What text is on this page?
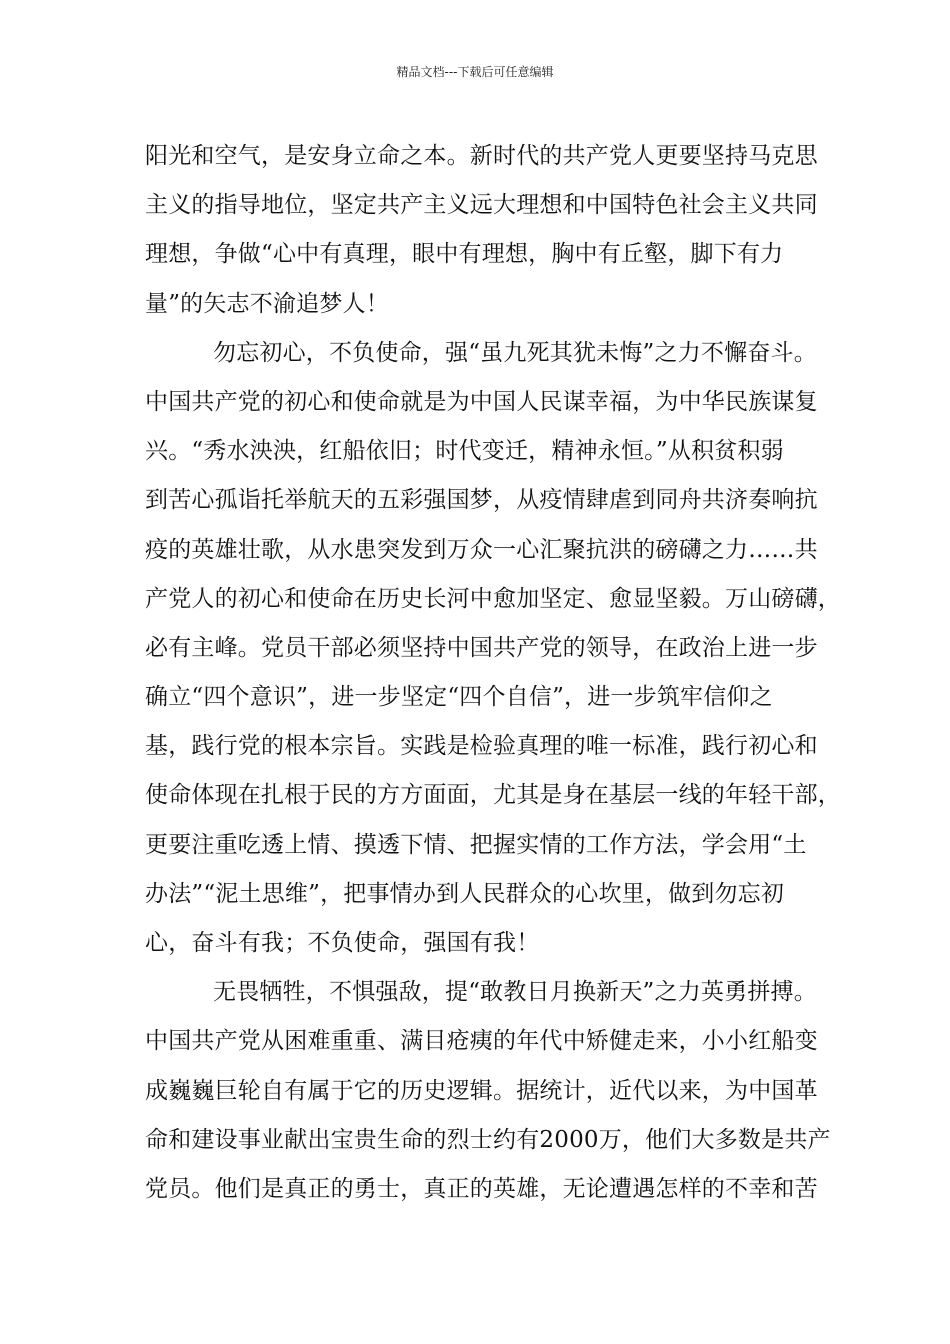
精品文档---下载后可任意编辑
阳光和空气，是安身立命之本。新时代的共产党人更要坚持马克思
主义的指导地位，坚定共产主义远大理想和中国特色社会主义共同
理想，争做“心中有真理，眼中有理想，胸中有丘壑，脚下有力
量”的矢志不渝追梦人！
勿忘初心，不负使命，强“虽九死其犹未悔”之力不懈奋斗。
中国共产党的初心和使命就是为中国人民谋幸福，为中华民族谋复
兴。“秀水泱泱，红船依旧；时代变迁，精神永恒。”从积贫积弱
到苦心孤诣托举航天的五彩强国梦，从疫情肆虐到同舟共济奏响抗
疫的英雄壮歌，从水患突发到万众一心汇聚抗洪的磅礴之力……共
产党人的初心和使命在历史长河中愈加坚定、愈显坚毅。万山磅礴，
必有主峰。党员干部必须坚持中国共产党的领导，在政治上进一步
确立“四个意识”，进一步坚定“四个自信”，进一步筑牢信仰之
基，践行党的根本宗旨。实践是检验真理的唯一标准，践行初心和
使命体现在扎根于民的方方面面，尤其是身在基层一线的年轻干部，
更要注重吃透上情、摸透下情、把握实情的工作方法，学会用“土
办法”“泥土思维”，把事情办到人民群众的心坎里，做到勿忘初
心，奋斗有我；不负使命，强国有我！
无畏牺牲，不惧强敌，提“敢教日月换新天”之力英勇拼搏。
中国共产党从困难重重、满目疮痍的年代中矫健走来，小小红船变
成巍巍巨轮自有属于它的历史逻辑。据统计，近代以来，为中国革
命和建设事业献出宝贵生命的烈士约有2000万，他们大多数是共产
党员。他们是真正的勇士，真正的英雄，无论遭遇怎样的不幸和苦
